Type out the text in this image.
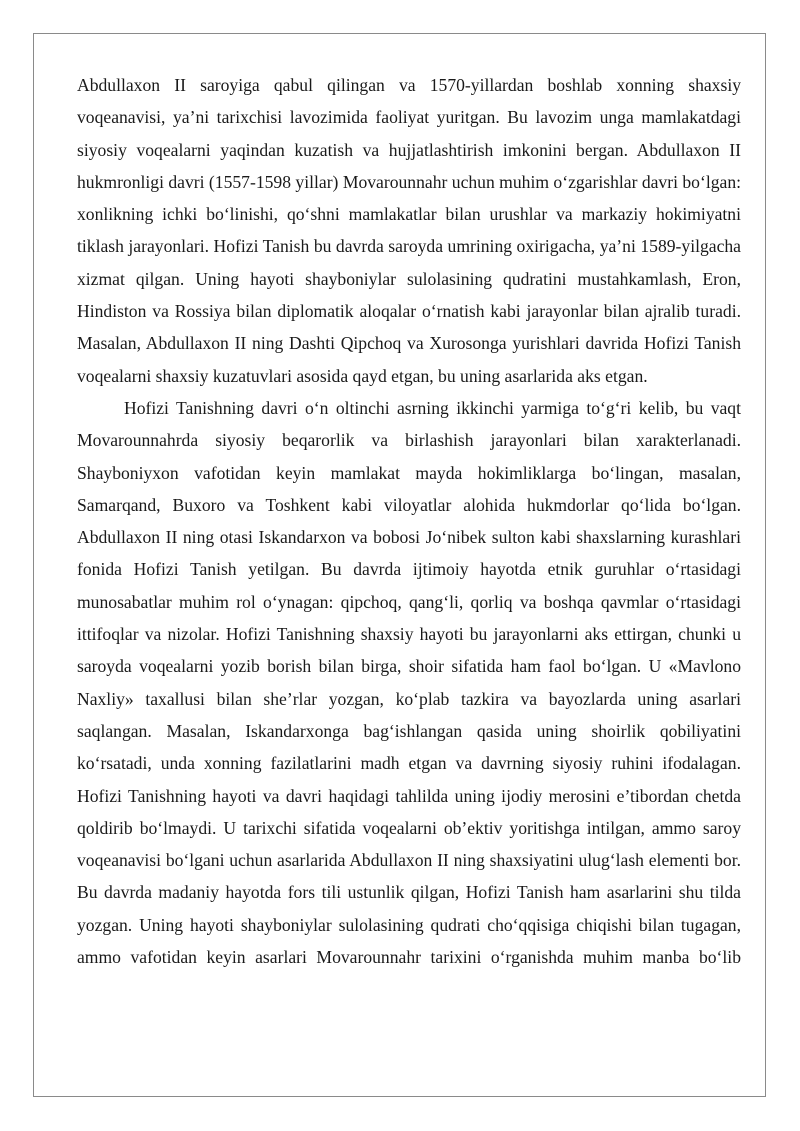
Abdullaxon II saroyiga qabul qilingan va 1570-yillardan boshlab xonning shaxsiy voqeanavisi, ya’ni tarixchisi lavozimida faoliyat yuritgan. Bu lavozim unga mamlakatdagi siyosiy voqealarni yaqindan kuzatish va hujjatlashtirish imkonini bergan. Abdullaxon II hukmronligi davri (1557-1598 yillar) Movarounnahr uchun muhim o‘zgarishlar davri bo‘lgan: xonlikning ichki bo‘linishi, qo‘shni mamlakatlar bilan urushlar va markaziy hokimiyatni tiklash jarayonlari. Hofizi Tanish bu davrda saroyda umrining oxirigacha, ya’ni 1589-yilgacha xizmat qilgan. Uning hayoti shayboniylar sulolasining qudratini mustahkamlash, Eron, Hindiston va Rossiya bilan diplomatik aloqalar o‘rnatish kabi jarayonlar bilan ajralib turadi. Masalan, Abdullaxon II ning Dashti Qipchoq va Xurosonga yurishlari davrida Hofizi Tanish voqealarni shaxsiy kuzatuvlari asosida qayd etgan, bu uning asarlarida aks etgan.

Hofizi Tanishning davri o‘n oltinchi asrning ikkinchi yarmiga to‘g‘ri kelib, bu vaqt Movarounnahrda siyosiy beqarorlik va birlashish jarayonlari bilan xarakterlanadi. Shayboniyxon vafotidan keyin mamlakat mayda hokimliklarga bo‘lingan, masalan, Samarqand, Buxoro va Toshkent kabi viloyatlar alohida hukmdorlar qo‘lida bo‘lgan. Abdullaxon II ning otasi Iskandarxon va bobosi Jo‘nibek sulton kabi shaxslarning kurashlari fonida Hofizi Tanish yetilgan. Bu davrda ijtimoiy hayotda etnik guruhlar o‘rtasidagi munosabatlar muhim rol o‘ynagan: qipchoq, qang‘li, qorliq va boshqa qavmlar o‘rtasidagi ittifoqlar va nizolar. Hofizi Tanishning shaxsiy hayoti bu jarayonlarni aks ettirgan, chunki u saroyda voqealarni yozib borish bilan birga, shoir sifatida ham faol bo‘lgan. U «Mavlono Naxliy» taxallusi bilan she’rlar yozgan, ko‘plab tazkira va bayozlarda uning asarlari saqlangan. Masalan, Iskandarxonga bag‘ishlangan qasida uning shoirlik qobiliyatini ko‘rsatadi, unda xonning fazilatlarini madh etgan va davrning siyosiy ruhini ifodalagan. Hofizi Tanishning hayoti va davri haqidagi tahlilda uning ijodiy merosini e’tibordan chetda qoldirib bo‘lmaydi. U tarixchi sifatida voqealarni ob’ektiv yoritishga intilgan, ammo saroy voqeanavisi bo‘lgani uchun asarlarida Abdullaxon II ning shaxsiyatini ulug‘lash elementi bor. Bu davrda madaniy hayotda fors tili ustunlik qilgan, Hofizi Tanish ham asarlarini shu tilda yozgan. Uning hayoti shayboniylar sulolasining qudrati cho‘qqisiga chiqishi bilan tugagan, ammo vafotidan keyin asarlari Movarounnahr tarixini o‘rganishda muhim manba bo‘lib
